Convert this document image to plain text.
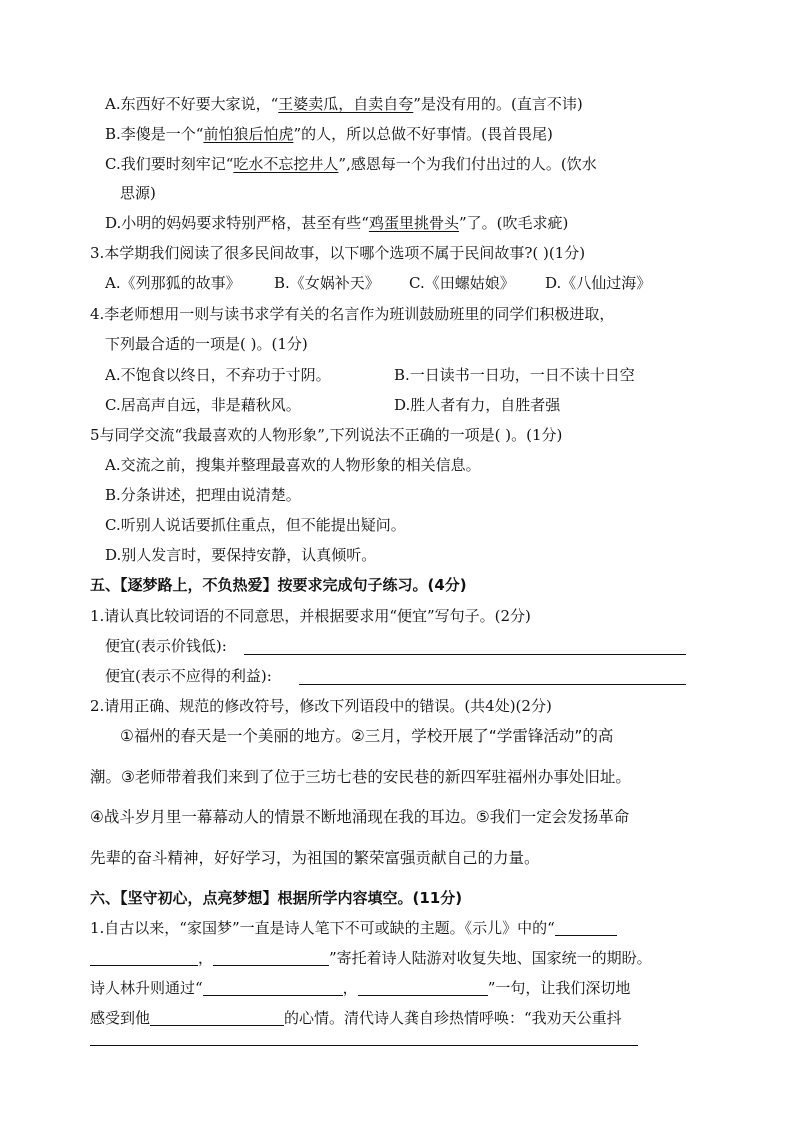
A.东西好不好要大家说，“王婆卖瓜，自卖自夸”是没有用的。(直言不讳)
B.李傻是一个“前怕狼后怕虎”的人，所以总做不好事情。(畏首畏尾)
C.我们要时刻牢记“吃水不忘挖井人”,感恩每一个为我们付出过的人。(饮水
思源)
D.小明的妈妈要求特别严格，甚至有些“鸡蛋里挑骨头”了。(吹毛求疵)
3.本学期我们阅读了很多民间故事，以下哪个选项不属于民间故事?( )(1分)
A.《列那狐的故事》 B.《女娲补天》 C.《田螺姑娘》 D.《八仙过海》
4.李老师想用一则与读书求学有关的名言作为班训鼓励班里的同学们积极进取，
下列最合适的一项是( )。(1分)
A.不饱食以终日，不弃功于寸阴。	B.一日读书一日功，一日不读十日空
C.居高声自远，非是藉秋风。	D.胜人者有力，自胜者强
5与同学交流“我最喜欢的人物形象”,下列说法不正确的一项是( )。(1分)
A.交流之前，搜集并整理最喜欢的人物形象的相关信息。
B.分条讲述，把理由说清楚。
C.听别人说话要抓住重点，但不能提出疑问。
D.别人发言时，要保持安静，认真倾听。
五、【逐梦路上，不负热爱】按要求完成句子练习。(4分)
1.请认真比较词语的不同意思，并根据要求用“便宜”写句子。(2分)
便宜(表示价钱低):
便宜(表示不应得的利益):
2.请用正确、规范的修改符号，修改下列语段中的错误。(共4处)(2分)
①福州的春天是一个美丽的地方。②三月，学校开展了“学雷锋活动”的高
潮。③老师带着我们来到了位于三坊七巷的安民巷的新四军驻福州办事处旧址。
④战斗岁月里一幕幕动人的情景不断地涌现在我的耳边。⑤我们一定会发扬革命
先辈的奋斗精神，好好学习，为祖国的繁荣富强贡献自己的力量。
六、【坚守初心，点亮梦想】根据所学内容填空。(11分)
1.自古以来，“家国梦”一直是诗人笔下不可或缺的主题。《示儿》中的“
，	”寄托着诗人陆游对收复失地、国家统一的期盼。
诗人林升则通过“	，	”一句，让我们深切地
感受到他	的心情。清代诗人龚自珍热情呼唤：“我劝天公重抖
